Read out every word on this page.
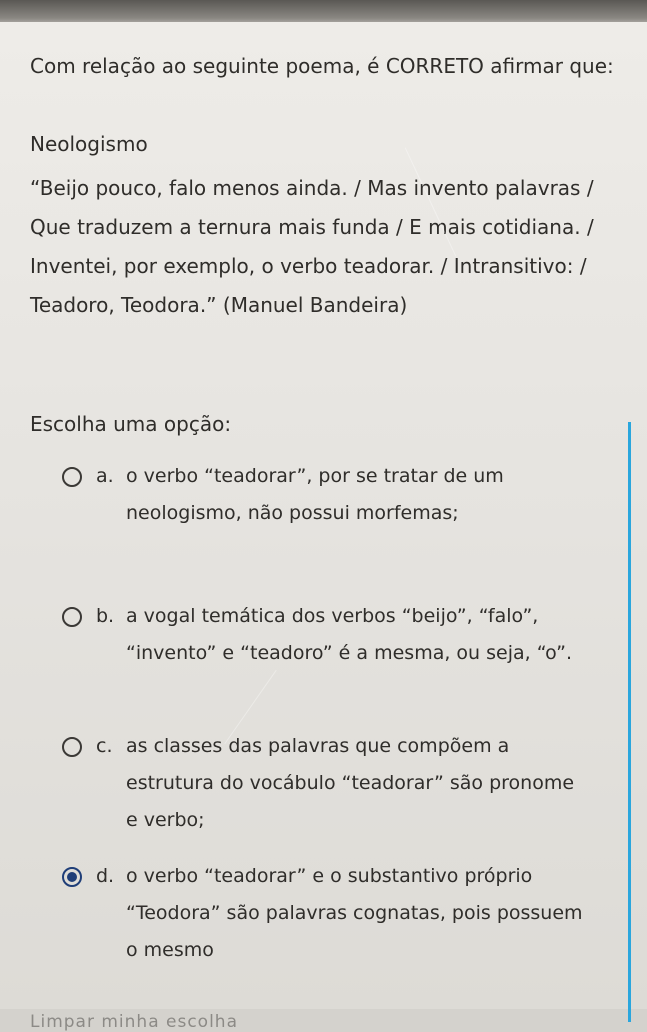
Com relação ao seguinte poema, é CORRETO afirmar que:

Neologismo
“Beijo pouco, falo menos ainda. / Mas invento palavras / Que traduzem a ternura mais funda / E mais cotidiana. / Inventei, por exemplo, o verbo teadorar. / Intransitivo: / Teadoro, Teodora.” (Manuel Bandeira)
Escolha uma opção:
a. o verbo “teadorar”, por se tratar de um neologismo, não possui morfemas;
b. a vogal temática dos verbos “beijo”, “falo”, “invento” e “teadoro” é a mesma, ou seja, “o”.
c. as classes das palavras que compõem a estrutura do vocábulo “teadorar” são pronome e verbo;
d. o verbo “teadorar” e o substantivo próprio “Teodora” são palavras cognatas, pois possuem o mesmo
Limpar minha escolha
